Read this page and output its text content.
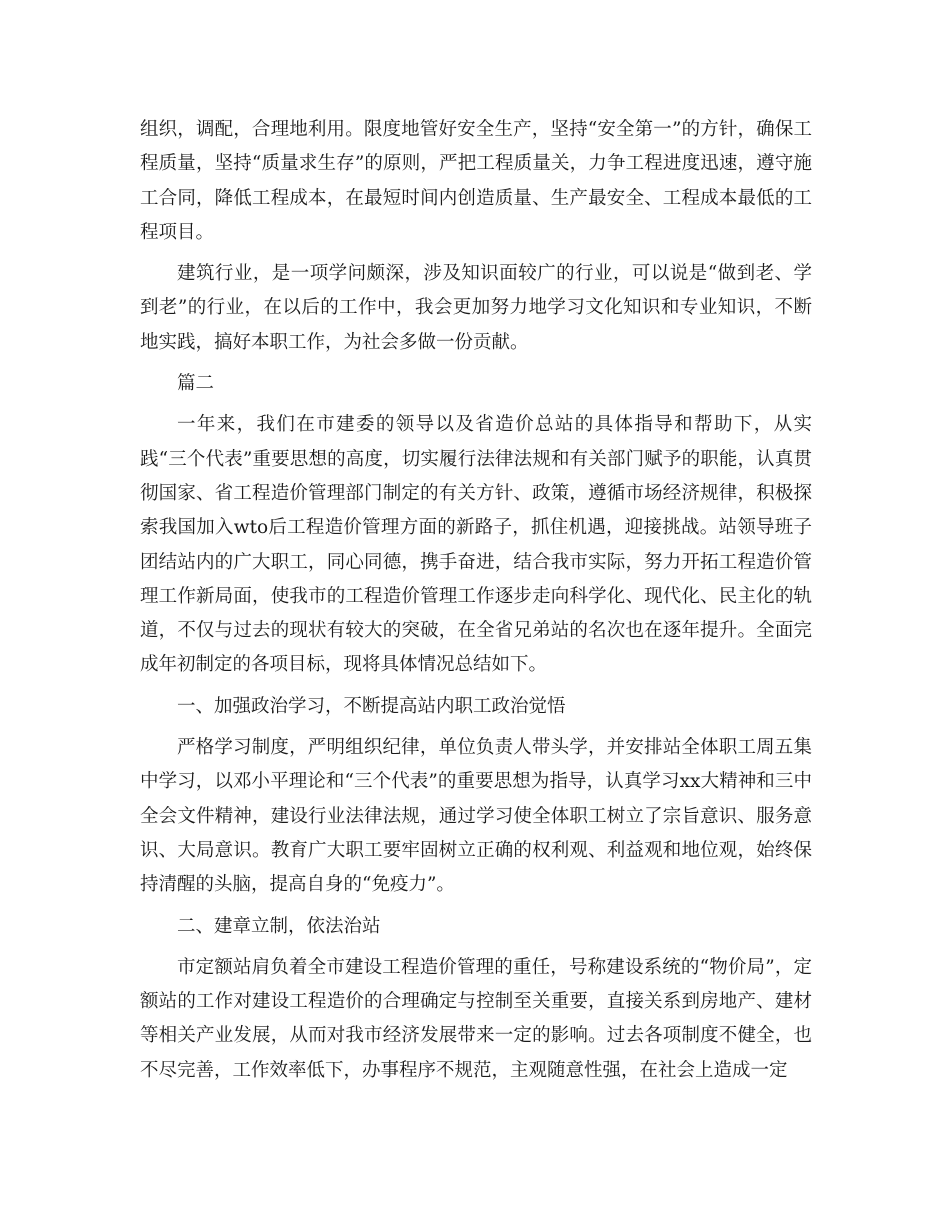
组织，调配，合理地利用。限度地管好安全生产，坚持“安全第一”的方针，确保工程质量，坚持“质量求生存”的原则，严把工程质量关，力争工程进度迅速，遵守施工合同，降低工程成本，在最短时间内创造质量、生产最安全、工程成本最低的工程项目。

建筑行业，是一项学问颇深，涉及知识面较广的行业，可以说是“做到老、学到老”的行业，在以后的工作中，我会更加努力地学习文化知识和专业知识，不断地实践，搞好本职工作，为社会多做一份贡献。

篇二

一年来，我们在市建委的领导以及省造价总站的具体指导和帮助下，从实践“三个代表”重要思想的高度，切实履行法律法规和有关部门赋予的职能，认真贯彻国家、省工程造价管理部门制定的有关方针、政策，遵循市场经济规律，积极探索我国加入wto后工程造价管理方面的新路子，抓住机遇，迎接挑战。站领导班子团结站内的广大职工，同心同德，携手奋进，结合我市实际，努力开拓工程造价管理工作新局面，使我市的工程造价管理工作逐步走向科学化、现代化、民主化的轨道，不仅与过去的现状有较大的突破，在全省兄弟站的名次也在逐年提升。全面完成年初制定的各项目标，现将具体情况总结如下。

一、加强政治学习，不断提高站内职工政治觉悟

严格学习制度，严明组织纪律，单位负责人带头学，并安排站全体职工周五集中学习，以邓小平理论和“三个代表”的重要思想为指导，认真学习xx大精神和三中全会文件精神，建设行业法律法规，通过学习使全体职工树立了宗旨意识、服务意识、大局意识。教育广大职工要牢固树立正确的权利观、利益观和地位观，始终保持清醒的头脑，提高自身的“免疫力”。

二、建章立制，依法治站

市定额站肩负着全市建设工程造价管理的重任，号称建设系统的“物价局”，定额站的工作对建设工程造价的合理确定与控制至关重要，直接关系到房地产、建材等相关产业发展，从而对我市经济发展带来一定的影响。过去各项制度不健全，也不尽完善，工作效率低下，办事程序不规范，主观随意性强，在社会上造成一定
